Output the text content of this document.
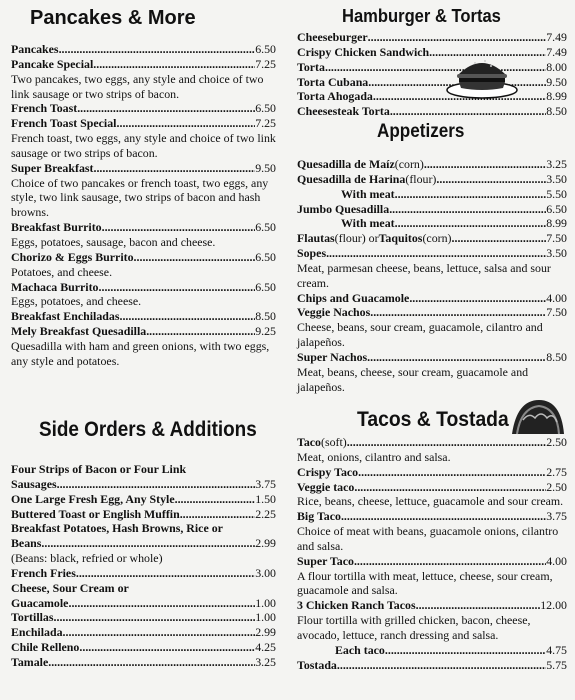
Pancakes & More
Pancakes .....	6.50
Pancake Special .....	7.25
Two pancakes, two eggs, any style and choice of two link sausage or two strips of bacon.
French Toast .....	6.50
French Toast Special .....	7.25
French toast, two eggs, any style and choice of two link sausage or two strips of bacon.
Super Breakfast .....	9.50
Choice of two pancakes or french toast, two eggs, any style, two link sausage, two strips of bacon and hash browns.
Breakfast Burrito .....	6.50
Eggs, potatoes, sausage, bacon and cheese.
Chorizo & Eggs Burrito .....	6.50
Potatoes, and cheese.
Machaca Burrito .....	6.50
Eggs, potatoes, and cheese.
Breakfast Enchiladas .....	8.50
Mely Breakfast Quesadilla .....	9.25
Quesadilla with ham and green onions, with two eggs, any style and potatoes.
Side Orders & Additions
Four Strips of Bacon or Four Link
Sausages .....	3.75
One Large Fresh Egg, Any Style .....	1.50
Buttered Toast or English Muffin .....	2.25
Breakfast Potatoes, Hash Browns, Rice or
Beans .....	2.99
(Beans: black, refried or whole)
French Fries .....	3.00
Cheese, Sour Cream or
Guacamole .....	1.00
Tortillas .....	1.00
Enchilada .....	2.99
Chile Relleno .....	4.25
Tamale .....	3.25
Hamburger & Tortas
Cheeseburger .....	7.49
Crispy Chicken Sandwich .....	7.49
Torta .....	8.00
Torta Cubana .....	9.50
Torta Ahogada .....	8.99
Cheesesteak Torta .....	8.50
Appetizers
Quesadilla de Maíz (corn) .....	3.25
Quesadilla de Harina (flour) .....	3.50
With meat .....	5.50
Jumbo Quesadilla .....	6.50
With meat .....	8.99
Flautas (flour) or Taquitos (corn) .....	7.50
Sopes .....	3.50
Meat, parmesan cheese, beans, lettuce, salsa and sour cream.
Chips and Guacamole .....	4.00
Veggie Nachos .....	7.50
Cheese, beans, sour cream, guacamole, cilantro and jalapeños.
Super Nachos .....	8.50
Meat, beans, cheese, sour cream, guacamole and jalapeños.
Tacos & Tostada
Taco (soft) .....	2.50
Meat, onions, cilantro and salsa.
Crispy Taco .....	2.75
Veggie taco .....	2.50
Rice, beans, cheese, lettuce, guacamole and sour cream.
Big Taco .....	3.75
Choice of meat with beans, guacamole onions, cilantro and salsa.
Super Taco .....	4.00
A flour tortilla with meat, lettuce, cheese, sour cream, guacamole and salsa.
3 Chicken Ranch Tacos .....	12.00
Flour tortilla with grilled chicken, bacon, cheese, avocado, lettuce, ranch dressing and salsa.
Each taco .....	4.75
Tostada .....	5.75
